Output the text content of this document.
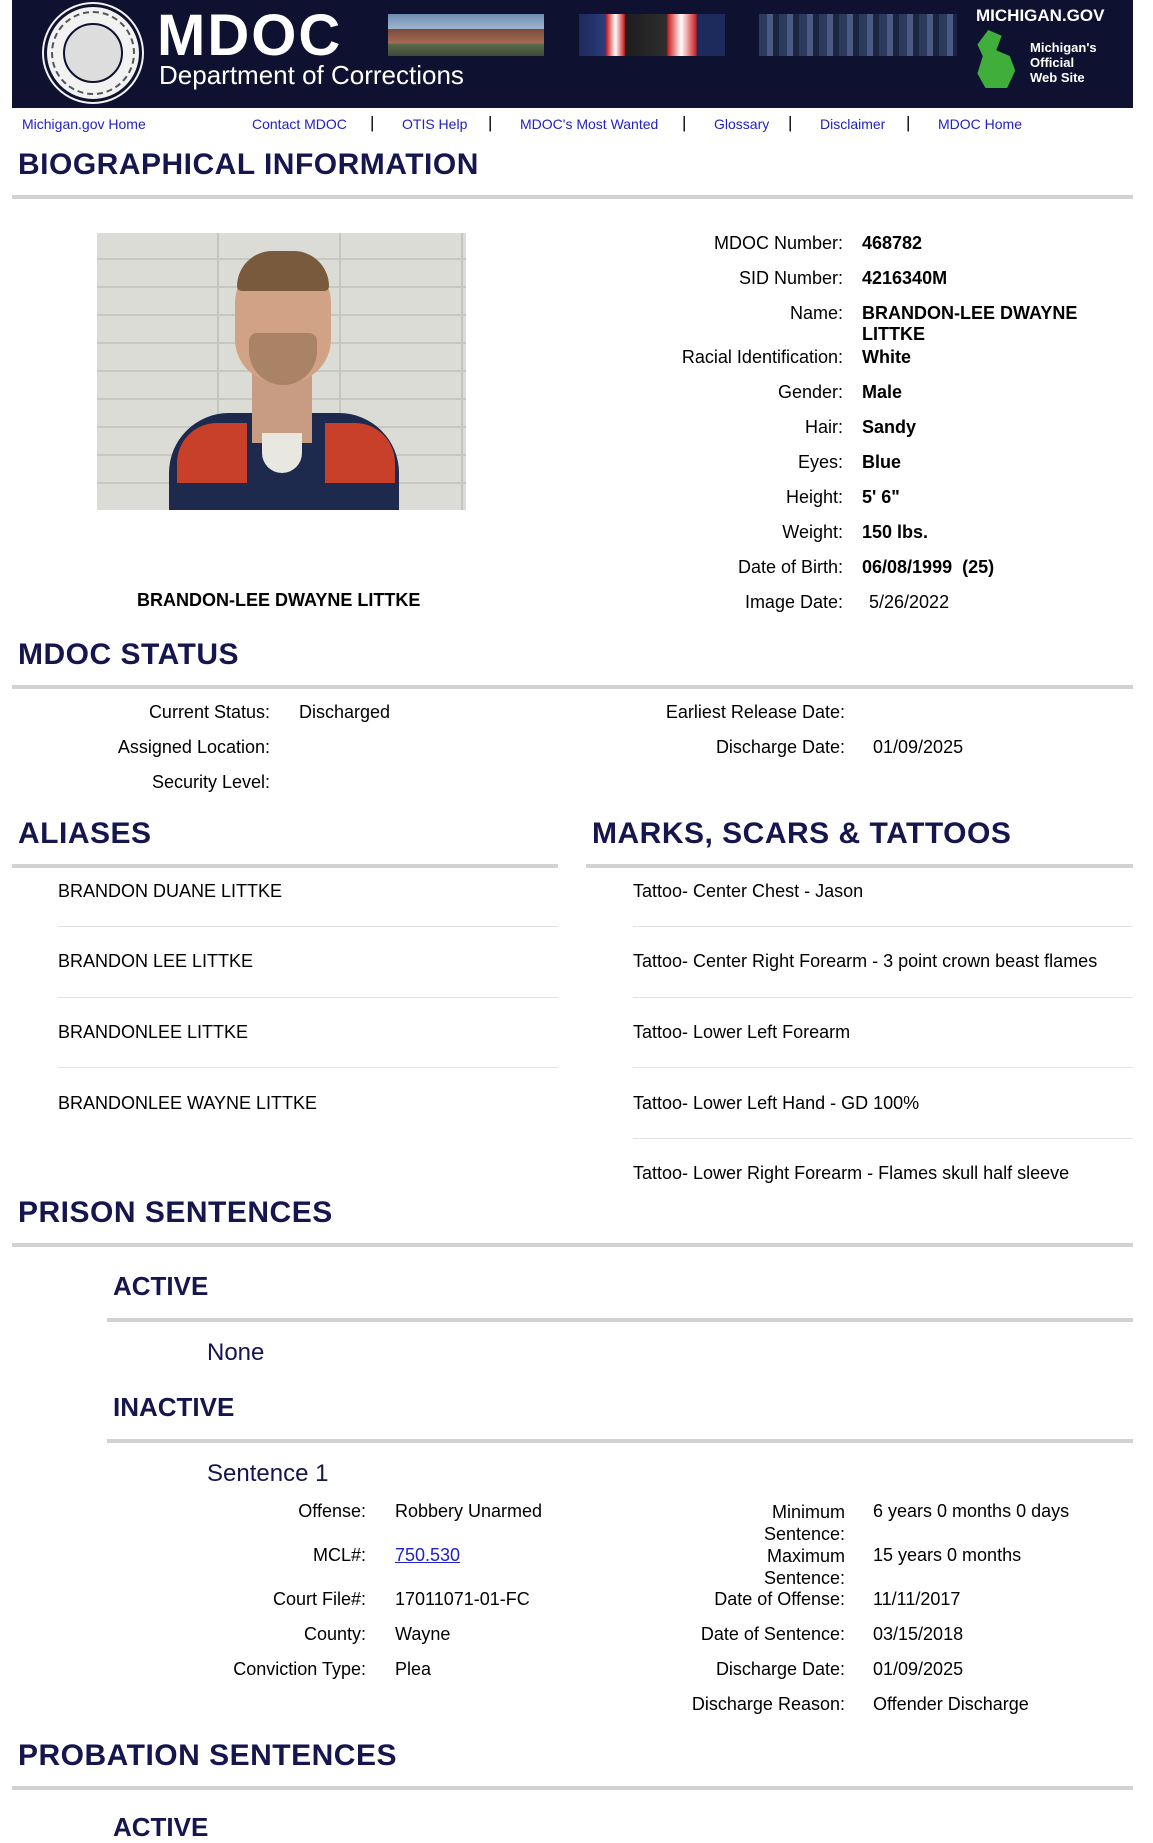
MDOC
Department of Corrections
MICHIGAN.GOV
Michigan's
Official
Web Site
Michigan.gov Home	Contact MDOC | OTIS Help | MDOC's Most Wanted | Glossary | Disclaimer | MDOC Home
BIOGRAPHICAL INFORMATION
BRANDON-LEE DWAYNE LITTKE
MDOC Number: 468782
SID Number: 4216340M
Name: BRANDON-LEE DWAYNE
LITTKE
Racial Identification: White
Gender: Male
Hair: Sandy
Eyes: Blue
Height: 5' 6"
Weight: 150 lbs.
Date of Birth: 06/08/1999  (25)
Image Date: 5/26/2022
MDOC STATUS
Current Status: Discharged
Assigned Location:
Security Level:
Earliest Release Date:
Discharge Date: 01/09/2025
ALIASES
BRANDON DUANE LITTKE
BRANDON LEE LITTKE
BRANDONLEE LITTKE
BRANDONLEE WAYNE LITTKE
MARKS, SCARS & TATTOOS
Tattoo- Center Chest - Jason
Tattoo- Center Right Forearm - 3 point crown beast flames
Tattoo- Lower Left Forearm
Tattoo- Lower Left Hand - GD 100%
Tattoo- Lower Right Forearm - Flames skull half sleeve
PRISON SENTENCES
ACTIVE
None
INACTIVE
Sentence 1
Offense: Robbery Unarmed
MCL#: 750.530
Court File#: 17011071-01-FC
County: Wayne
Conviction Type: Plea
Minimum
Sentence:
6 years 0 months 0 days
Maximum
Sentence:
15 years 0 months
Date of Offense: 11/11/2017
Date of Sentence: 03/15/2018
Discharge Date: 01/09/2025
Discharge Reason: Offender Discharge
PROBATION SENTENCES
ACTIVE
